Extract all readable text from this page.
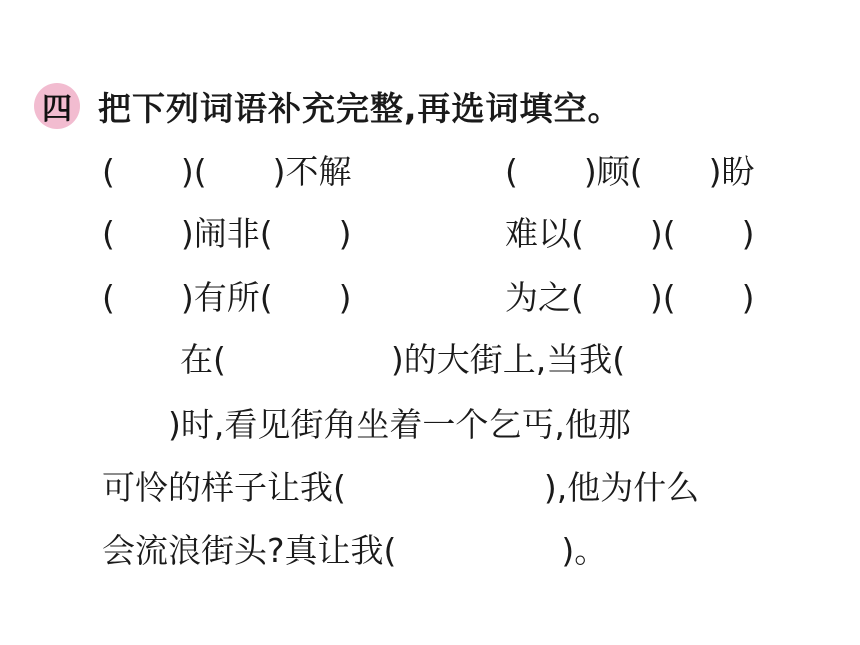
四 把下列词语补充完整,再选词填空。
(　　)(　　)不解	(　　)顾(　　)盼
(　　)闹非(　　)	难以(　　)(　　)
(　　)有所(　　)	为之(　　)(　　)
在(　　　　　)的大街上,当我(
　　)时,看见街角坐着一个乞丐,他那
可怜的样子让我(　　　　　　),他为什么
会流浪街头?真让我(　　　　　)。
